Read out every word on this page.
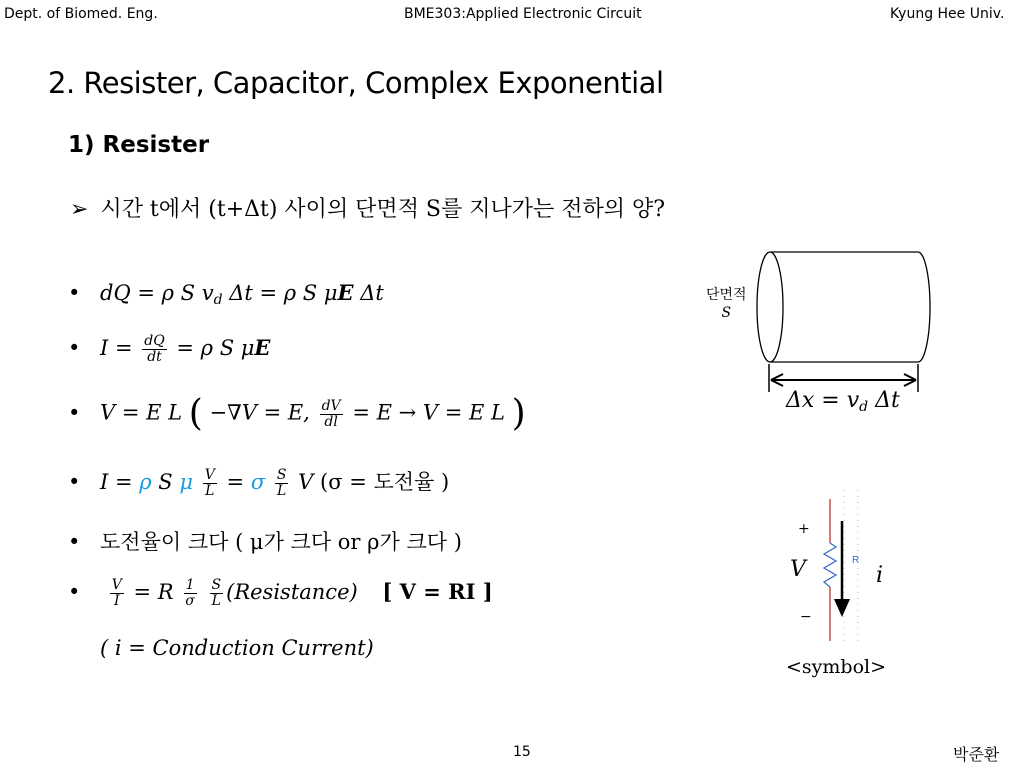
Dept. of Biomed. Eng.	BME303:Applied Electronic Circuit	Kyung Hee Univ.
2. Resister, Capacitor, Complex Exponential
1) Resister
➢ 시간 t에서 (t+Δt) 사이의 단면적 S를 지나가는 전하의 양?
• dQ = ρ S $v_d$ Δt = ρ S μE Δt
• $I = \frac{dQ}{dt} = \rho$ S μE
• V = E L ( −∇V = E, $\frac{dV}{dl} = E \to V = E$ L )
• I = ρ S μ $\frac{V}{L} = \sigma \frac{S}{L}$ V (σ = 도전율 )
• 도전율이 크다 ( μ가 크다 or ρ가 크다 )
• $\frac{V}{I} = R \frac{1}{\sigma}$
$\frac{S}{L}$ (Resistance) [ V = RI ]
( i = Conduction Current)
단면적
S
$\Delta x = v_d$ Δt
R
+
−
V	i
<symbol>
15	박준환
